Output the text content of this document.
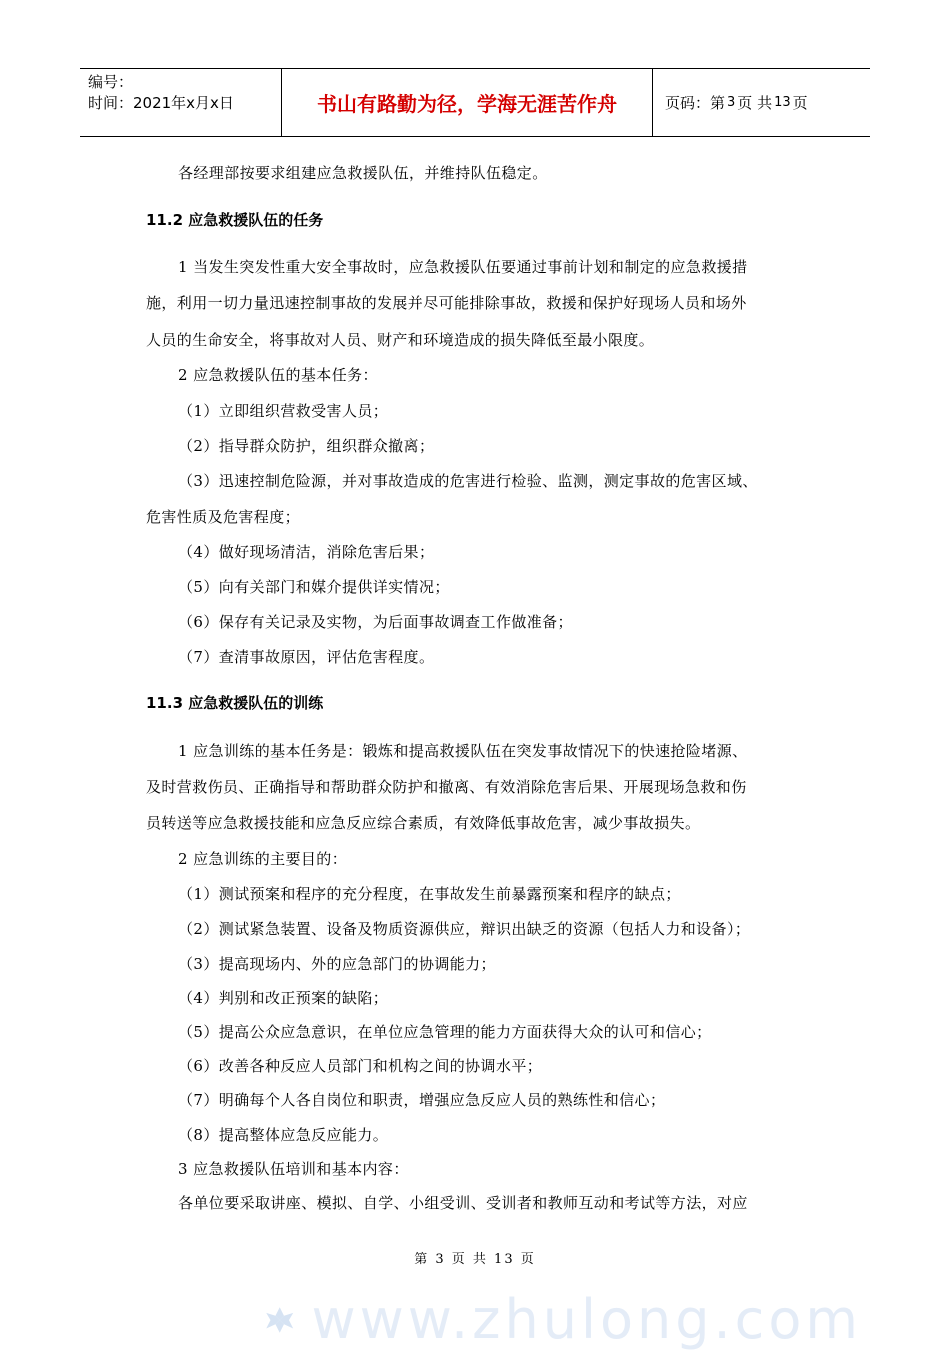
编号：
时间：2021年x月x日	书山有路勤为径，学海无涯苦作舟	页码：第 3 页 共 13 页
各经理部按要求组建应急救援队伍，并维持队伍稳定。
11.2 应急救援队伍的任务
1 当发生突发性重大安全事故时，应急救援队伍要通过事前计划和制定的应急救援措
施，利用一切力量迅速控制事故的发展并尽可能排除事故，救援和保护好现场人员和场外
人员的生命安全，将事故对人员、财产和环境造成的损失降低至最小限度。
2 应急救援队伍的基本任务：
（1）立即组织营救受害人员；
（2）指导群众防护，组织群众撤离；
（3）迅速控制危险源，并对事故造成的危害进行检验、监测，测定事故的危害区域、
危害性质及危害程度；
（4）做好现场清洁，消除危害后果；
（5）向有关部门和媒介提供详实情况；
（6）保存有关记录及实物，为后面事故调查工作做准备；
（7）查清事故原因，评估危害程度。
11.3 应急救援队伍的训练
1 应急训练的基本任务是：锻炼和提高救援队伍在突发事故情况下的快速抢险堵源、
及时营救伤员、正确指导和帮助群众防护和撤离、有效消除危害后果、开展现场急救和伤
员转送等应急救援技能和应急反应综合素质，有效降低事故危害，减少事故损失。
2 应急训练的主要目的：
（1）测试预案和程序的充分程度，在事故发生前暴露预案和程序的缺点；
（2）测试紧急装置、设备及物质资源供应，辩识出缺乏的资源（包括人力和设备）；
（3）提高现场内、外的应急部门的协调能力；
（4）判别和改正预案的缺陷；
（5）提高公众应急意识，在单位应急管理的能力方面获得大众的认可和信心；
（6）改善各种反应人员部门和机构之间的协调水平；
（7）明确每个人各自岗位和职责，增强应急反应人员的熟练性和信心；
（8）提高整体应急反应能力。
3 应急救援队伍培训和基本内容：
各单位要采取讲座、模拟、自学、小组受训、受训者和教师互动和考试等方法，对应
第 3 页 共 13 页
www.zhulong.com
